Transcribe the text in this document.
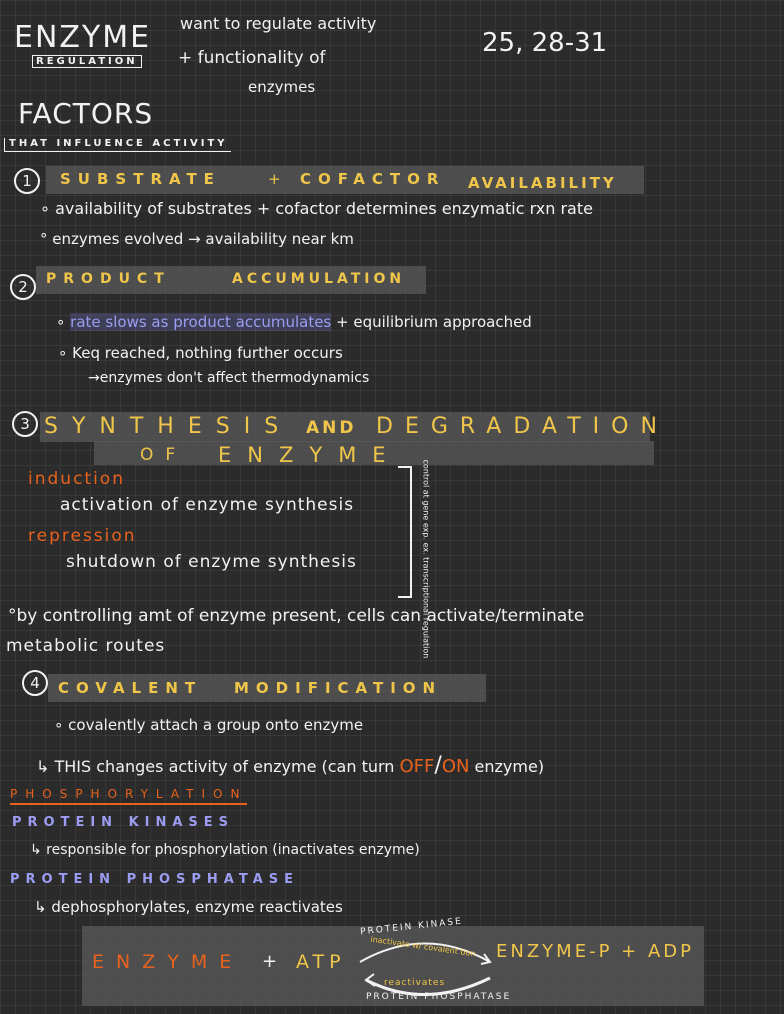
ENZYME
REGULATION
want to regulate activity
+ functionality of
enzymes
25, 28-31
FACTORS
THAT INFLUENCE ACTIVITY
1	SUBSTRATE	+ COFACTOR AVAILABILITY
∘ availability of substrates + cofactor determines enzymatic rxn rate
° enzymes evolved → availability near km
2	PRODUCT	ACCUMULATION
∘ rate slows as product accumulates + equilibrium approached
∘ Keq reached, nothing further occurs
→enzymes don't affect thermodynamics
3 SYNTHESIS AND DEGRADATION
OF ENZYME
induction
activation of enzyme synthesis
repression
shutdown of enzyme synthesis	control at gene exp. ex. transcriptional regulation
°by controlling amt of enzyme present, cells can activate/terminate
metabolic routes
4	COVALENT MODIFICATION
∘ covalently attach a group onto enzyme
↳ THIS changes activity of enzyme (can turn OFF/ON enzyme)
PHOSPHORYLATION
PROTEIN KINASES
↳ responsible for phosphorylation (inactivates enzyme)
PROTEIN PHOSPHATASE
↳ dephosphorylates, enzyme reactivates
ENZYME + ATP
PROTEIN KINASE
inactivate w/ covalent bon
reactivates
PROTEIN PHOSPHATASE
ENZYME-P + ADP
